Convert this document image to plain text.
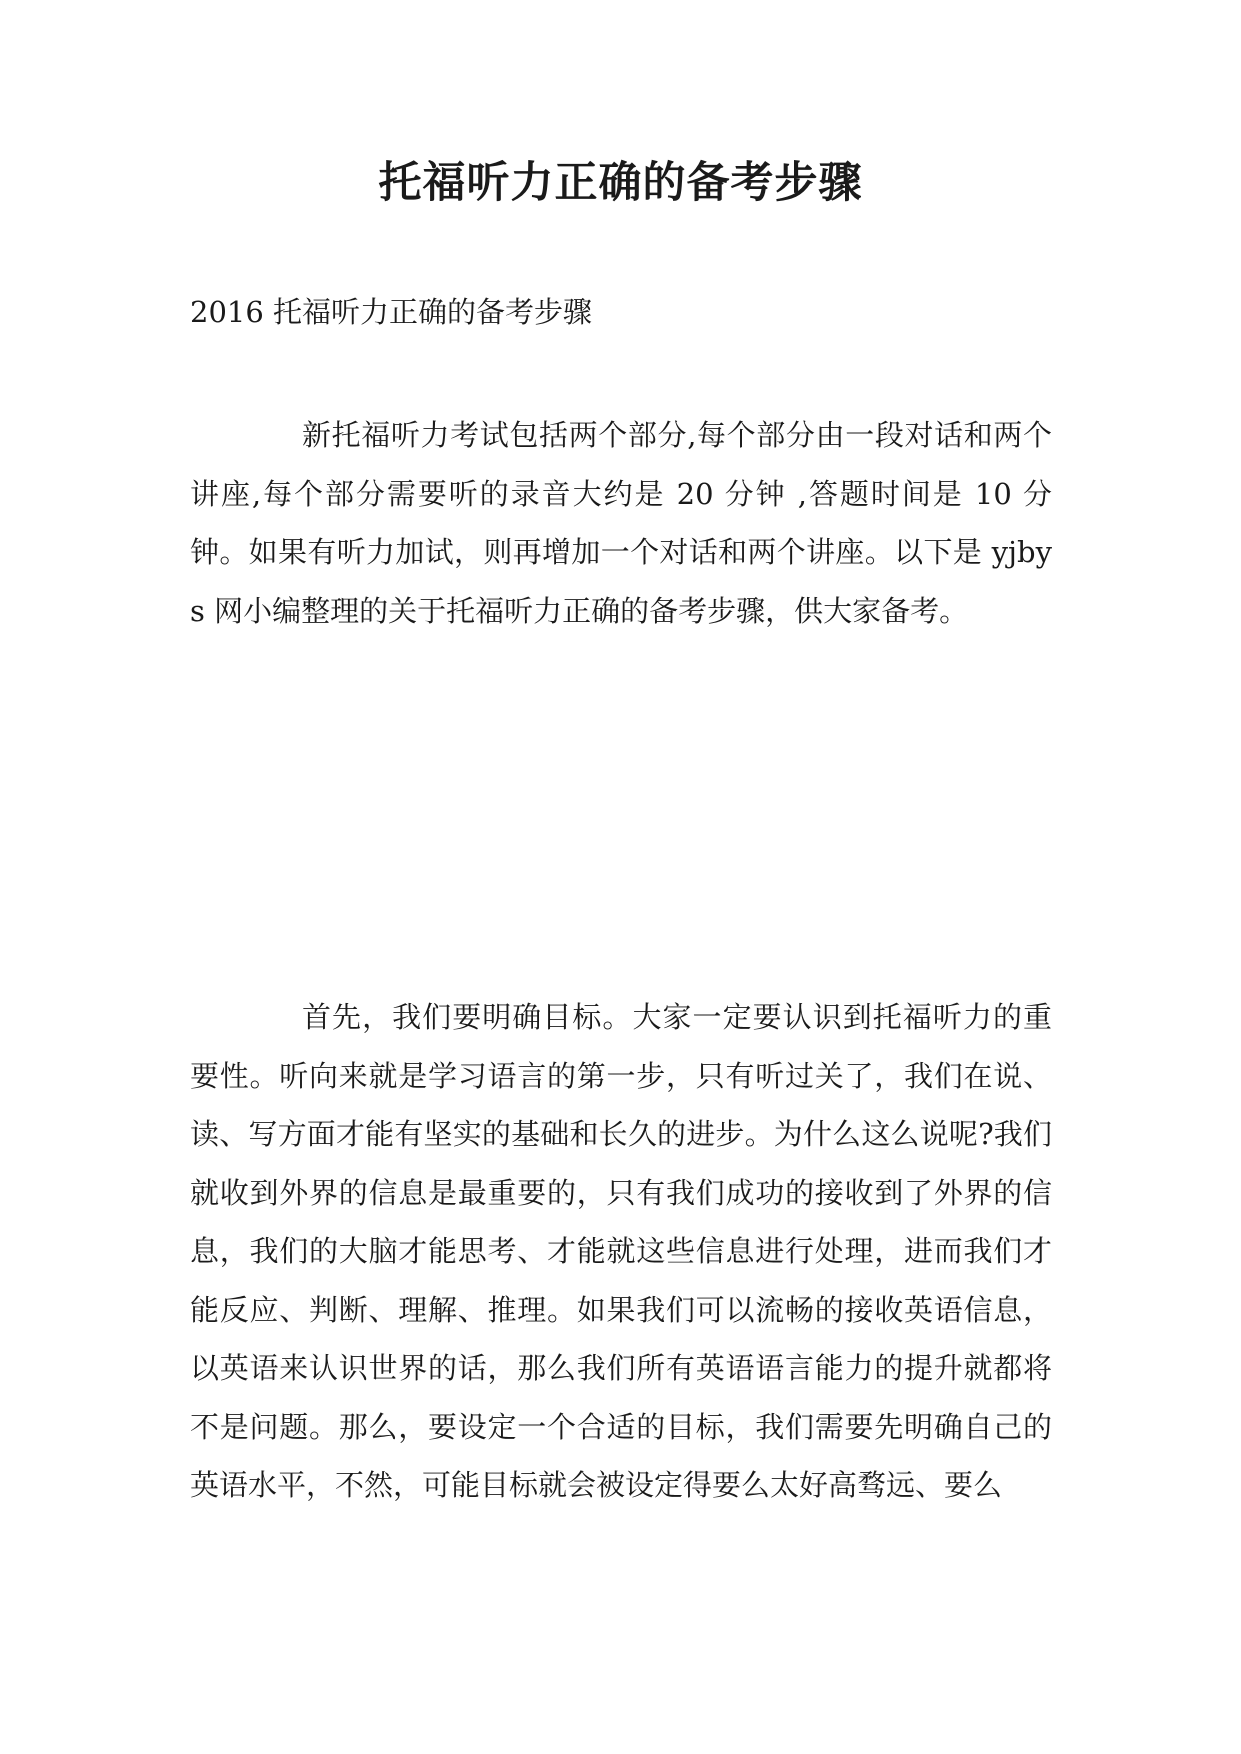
托福听力正确的备考步骤

2016 托福听力正确的备考步骤

新托福听力考试包括两个部分,每个部分由一段对话和两个讲座,每个部分需要听的录音大约是 20 分钟 ,答题时间是 10 分钟。如果有听力加试，则再增加一个对话和两个讲座。以下是 yjbys 网小编整理的关于托福听力正确的备考步骤，供大家备考。

首先，我们要明确目标。大家一定要认识到托福听力的重要性。听向来就是学习语言的第一步，只有听过关了，我们在说、读、写方面才能有坚实的基础和长久的进步。为什么这么说呢?我们就收到外界的信息是最重要的，只有我们成功的接收到了外界的信息，我们的大脑才能思考、才能就这些信息进行处理，进而我们才能反应、判断、理解、推理。如果我们可以流畅的接收英语信息，以英语来认识世界的话，那么我们所有英语语言能力的提升就都将不是问题。那么，要设定一个合适的目标，我们需要先明确自己的英语水平，不然，可能目标就会被设定得要么太好高骛远、要么
